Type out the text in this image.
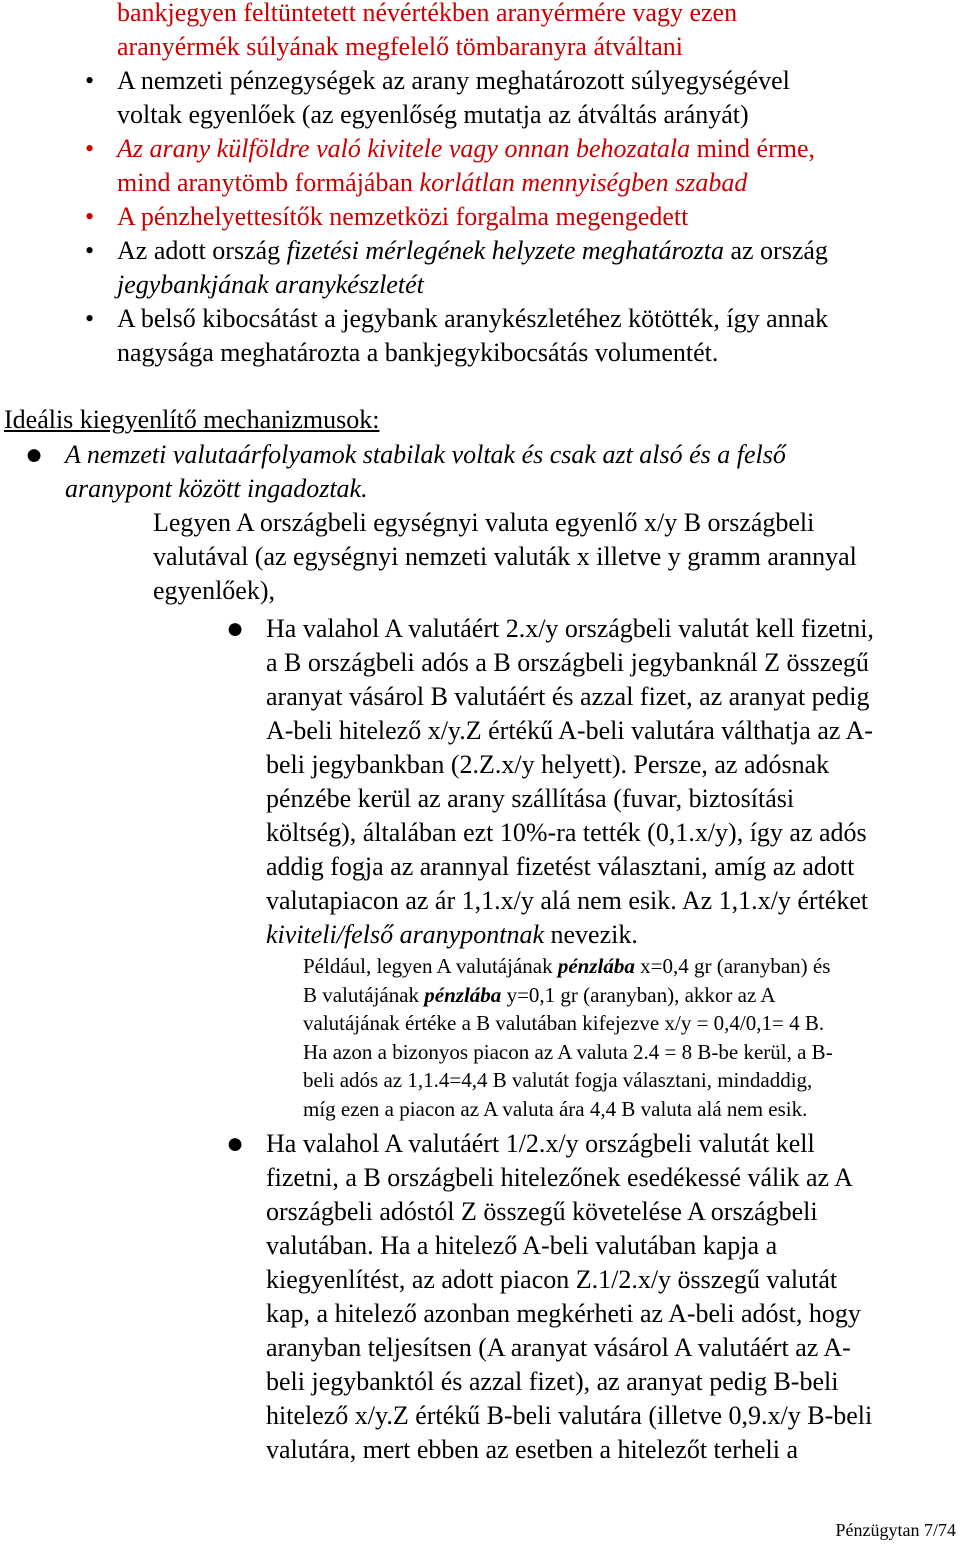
bankjegyen feltüntetett névértékben aranyérmére vagy ezen

aranyérmék súlyának megfelelő tömbaranyra átváltani

• A nemzeti pénzegységek az arany meghatározott súlyegységével

voltak egyenlőek (az egyenlőség mutatja az átváltás arányát)

• Az arany külföldre való kivitele vagy onnan behozatala mind érme,

mind aranytömb formájában korlátlan mennyiségben szabad

• A pénzhelyettesítők nemzetközi forgalma megengedett

• Az adott ország fizetési mérlegének helyzete meghatározta az ország

jegybankjának aranykészletét

• A belső kibocsátást a jegybank aranykészletéhez kötötték, így annak

nagysága meghatározta a bankjegykibocsátás volumentét.

Ideális kiegyenlítő mechanizmusok:

● A nemzeti valutaárfolyamok stabilak voltak és csak azt alsó és a felső

aranypont között ingadoztak.

Legyen A országbeli egységnyi valuta egyenlő x/y B országbeli

valutával (az egységnyi nemzeti valuták x illetve y gramm arannyal

egyenlőek),

● Ha valahol A valutáért 2.x/y országbeli valutát kell fizetni,

a B országbeli adós a B országbeli jegybanknál Z összegű

aranyat vásárol B valutáért és azzal fizet, az aranyat pedig

A-beli hitelező x/y.Z értékű A-beli valutára válthatja az A-

beli jegybankban (2.Z.x/y helyett). Persze, az adósnak

pénzébe kerül az arany szállítása (fuvar, biztosítási

költség), általában ezt 10%-ra tették (0,1.x/y), így az adós

addig fogja az arannyal fizetést választani, amíg az adott

valutapiacon az ár 1,1.x/y alá nem esik. Az 1,1.x/y értéket

kiviteli/felső aranypontnak nevezik.

Például, legyen A valutájának pénzlába x=0,4 gr (aranyban) és

B valutájának pénzlába y=0,1 gr (aranyban), akkor az A

valutájának értéke a B valutában kifejezve x/y = 0,4/0,1= 4 B.

Ha azon a bizonyos piacon az A valuta 2.4 = 8 B-be kerül, a B-

beli adós az 1,1.4=4,4 B valutát fogja választani, mindaddig,

míg ezen a piacon az A valuta ára 4,4 B valuta alá nem esik.

● Ha valahol A valutáért 1/2.x/y országbeli valutát kell

fizetni, a B országbeli hitelezőnek esedékessé válik az A

országbeli adóstól Z összegű követelése A országbeli

valutában. Ha a hitelező A-beli valutában kapja a

kiegyenlítést, az adott piacon Z.1/2.x/y összegű valutát

kap, a hitelező azonban megkérheti az A-beli adóst, hogy

aranyban teljesítsen (A aranyat vásárol A valutáért az A-

beli jegybanktól és azzal fizet), az aranyat pedig B-beli

hitelező x/y.Z értékű B-beli valutára (illetve 0,9.x/y B-beli

valutára, mert ebben az esetben a hitelezőt terheli a

Pénzügytan 7/74
